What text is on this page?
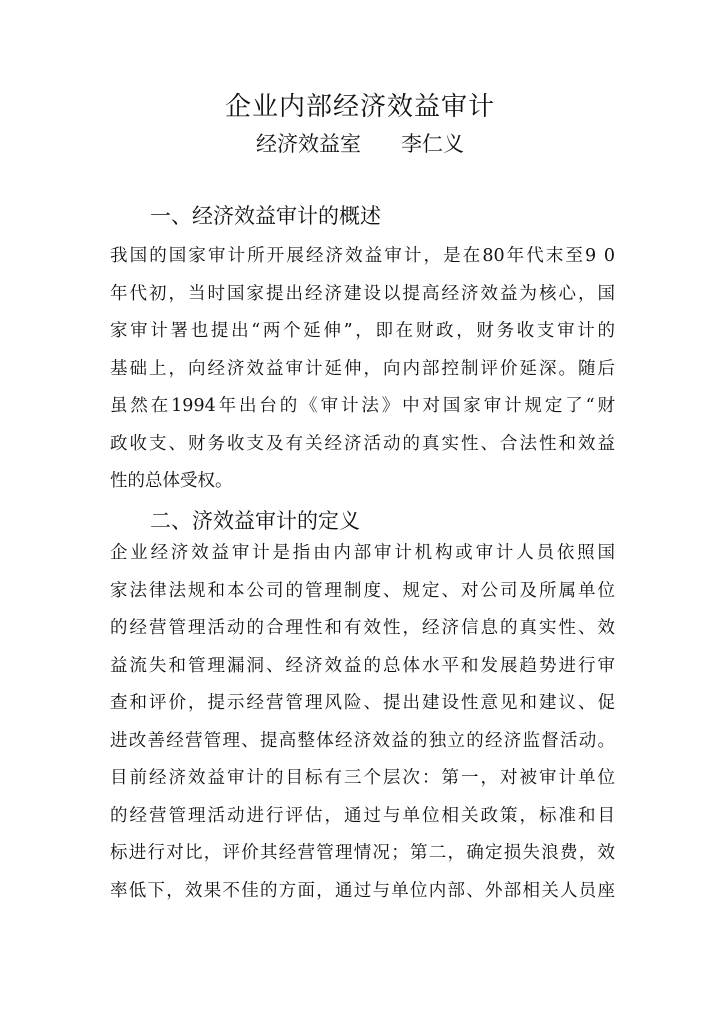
企业内部经济效益审计
经济效益室 李仁义
一、经济效益审计的概述
我国的国家审计所开展经济效益审计，是在80年代末至9 0
年代初，当时国家提出经济建设以提高经济效益为核心，国
家审计署也提出“两个延伸”，即在财政，财务收支审计的
基础上，向经济效益审计延伸，向内部控制评价延深。随后
虽然在1994年出台的《审计法》中对国家审计规定了“财
政收支、财务收支及有关经济活动的真实性、合法性和效益
性的总体受权。
二、济效益审计的定义
企业经济效益审计是指由内部审计机构或审计人员依照国
家法律法规和本公司的管理制度、规定、对公司及所属单位
的经营管理活动的合理性和有效性，经济信息的真实性、效
益流失和管理漏洞、经济效益的总体水平和发展趋势进行审
查和评价，提示经营管理风险、提出建设性意见和建议、促
进改善经营管理、提高整体经济效益的独立的经济监督活动。
目前经济效益审计的目标有三个层次：第一，对被审计单位
的经营管理活动进行评估，通过与单位相关政策，标准和目
标进行对比，评价其经营管理情况；第二，确定损失浪费，效
率低下，效果不佳的方面，通过与单位内部、外部相关人员座
